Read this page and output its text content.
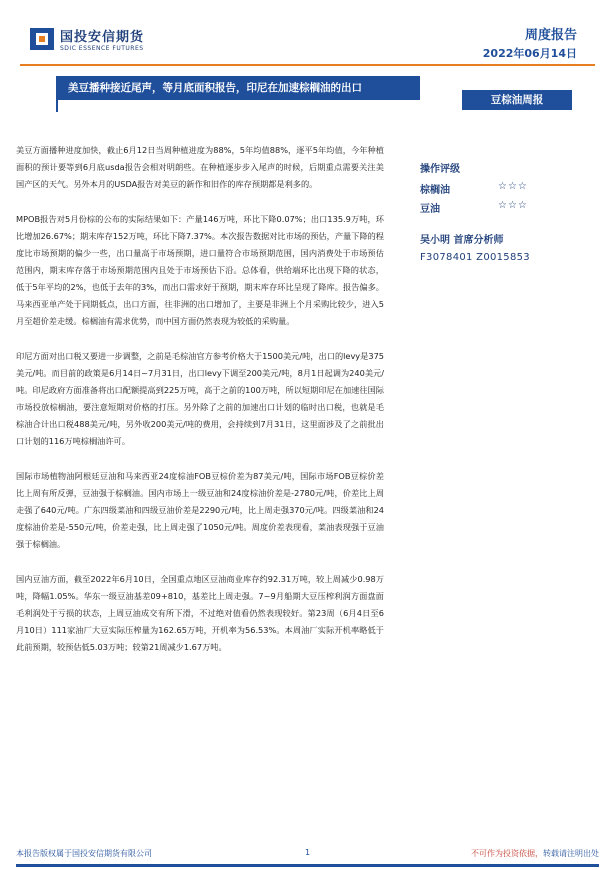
国投安信期货
SDIC ESSENCE FUTURES
周度报告
2022年06月14日
美豆播种接近尾声，等月底面积报告，印尼在加速棕榈油的出口
豆棕油周报

美豆方面播种进度加快，截止6月12日当周种植进度为88%，5年均值88%，逐平5年均值，今年种植面积的预计要等到6月底usda报告会相对明朗些。在种植逐步步入尾声的时候，后期重点需要关注美国产区的天气。另外本月的USDA报告对美豆的新作和旧作的库存预期都是利多的。

MPOB报告对5月份棕的公布的实际结果如下：产量146万吨，环比下降0.07%；出口135.9万吨，环比增加26.67%；期末库存152万吨，环比下降7.37%。本次报告数据对比市场的预估，产量下降的程度比市场预期的偏少一些，出口量高于市场预期，进口量符合市场预期范围，国内消费处于市场预估范围内，期末库存落于市场预期范围内且处于市场预估下沿。总体看，供给端环比出现下降的状态，低于5年平均的2%，也低于去年的3%，而出口需求好于预期，期末库存环比呈现了降库。报告偏多。马来西亚单产处于同期低点，出口方面，往非洲的出口增加了，主要是非洲上个月采购比较少，进入5月至超价差走缓。棕榈油有需求优势，而中国方面仍然表现为较低的采购量。

印尼方面对出口税又要进一步调整，之前是毛棕油官方参考价格大于1500美元/吨，出口的levy是375美元/吨。而目前的政策是6月14日~7月31日，出口levy下调至200美元/吨，8月1日起调为240美元/吨。印尼政府方面准备将出口配额提高到225万吨，高于之前的100万吨，所以短期印尼在加速往国际市场投放棕榈油，要注意短期对价格的打压。另外除了之前的加速出口计划的临时出口税，也就是毛棕油合计出口税488美元/吨，另外收200美元/吨的费用，会持续到7月31日，这里面涉及了之前批出口计划的116万吨棕榈油许可。

国际市场植物油阿根廷豆油和马来西亚24度棕油FOB豆棕价差为87美元/吨，国际市场FOB豆棕价差比上周有所反弹，豆油强于棕榈油。国内市场上一级豆油和24度棕油价差是-2780元/吨，价差比上周走强了640元/吨。广东四级菜油和四级豆油价差是2290元/吨，比上周走强370元/吨。四级菜油和24度棕油价差是-550元/吨，价差走强，比上周走强了1050元/吨。周度价差表现看，菜油表现强于豆油强于棕榈油。

国内豆油方面，截至2022年6月10日，全国重点地区豆油商业库存约92.31万吨，较上周减少0.98万吨，降幅1.05%。华东一级豆油基差09+810，基差比上周走强。7~9月船期大豆压榨利润方面盘面毛利润处于亏损的状态，上周豆油成交有所下滑，不过绝对值看仍然表现较好。第23周（6月4日至6月10日）111家油厂大豆实际压榨量为162.65万吨，开机率为56.53%。本周油厂实际开机率略低于此前预期，较预估低5.03万吨；较第21周减少1.67万吨。

操作评级
棕榈油	☆☆☆
豆油	☆☆☆
吴小明 首席分析师
F3078401 Z0015853
本报告版权属于国投安信期货有限公司	1	不可作为投资依据，转载请注明出处
